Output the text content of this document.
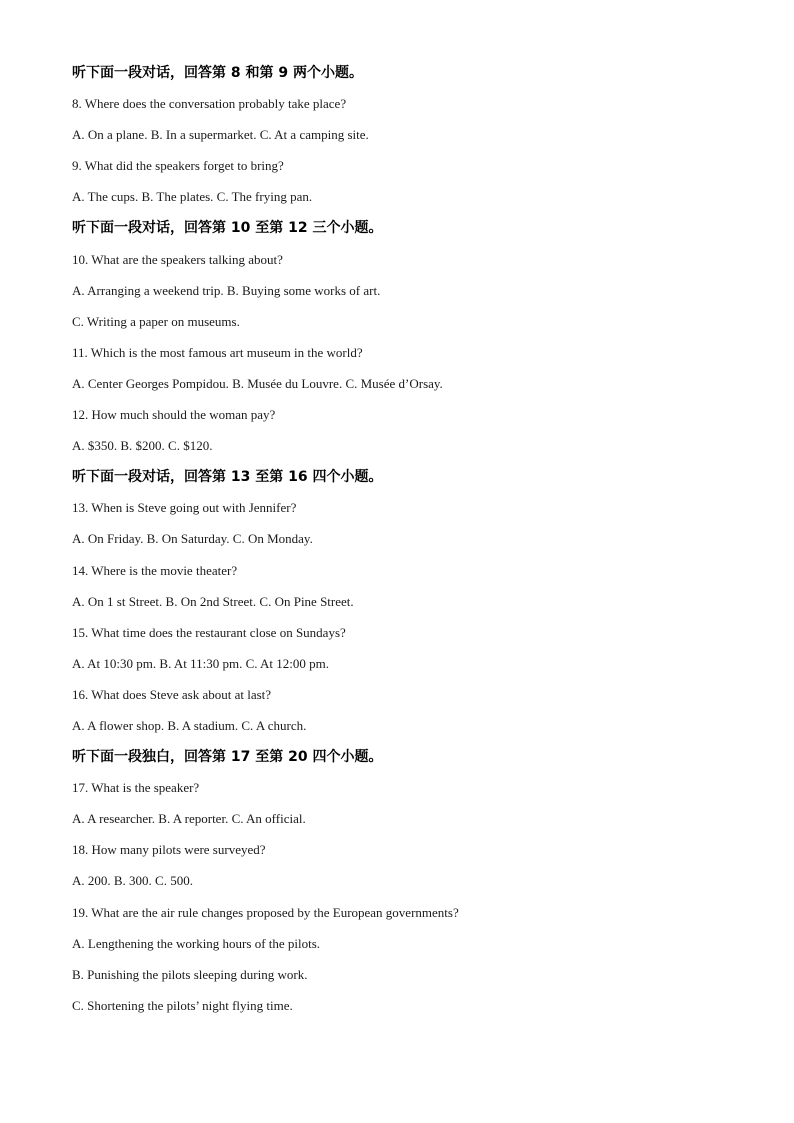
听下面一段对话，回答第 8 和第 9 两个小题。
8. Where does the conversation probably take place?
A. On a plane. B. In a supermarket. C. At a camping site.
9. What did the speakers forget to bring?
A. The cups. B. The plates. C. The frying pan.
听下面一段对话，回答第 10 至第 12 三个小题。
10. What are the speakers talking about?
A. Arranging a weekend trip. B. Buying some works of art.
C. Writing a paper on museums.
11. Which is the most famous art museum in the world?
A. Center Georges Pompidou. B. Musée du Louvre. C. Musée d’Orsay.
12. How much should the woman pay?
A. $350. B. $200. C. $120.
听下面一段对话，回答第 13 至第 16 四个小题。
13. When is Steve going out with Jennifer?
A. On Friday. B. On Saturday. C. On Monday.
14. Where is the movie theater?
A. On 1 st Street. B. On 2nd Street. C. On Pine Street.
15. What time does the restaurant close on Sundays?
A. At 10:30 pm. B. At 11:30 pm. C. At 12:00 pm.
16. What does Steve ask about at last?
A. A flower shop. B. A stadium. C. A church.
听下面一段独白，回答第 17 至第 20 四个小题。
17. What is the speaker?
A. A researcher. B. A reporter. C. An official.
18. How many pilots were surveyed?
A. 200. B. 300. C. 500.
19. What are the air rule changes proposed by the European governments?
A. Lengthening the working hours of the pilots.
B. Punishing the pilots sleeping during work.
C. Shortening the pilots’ night flying time.
